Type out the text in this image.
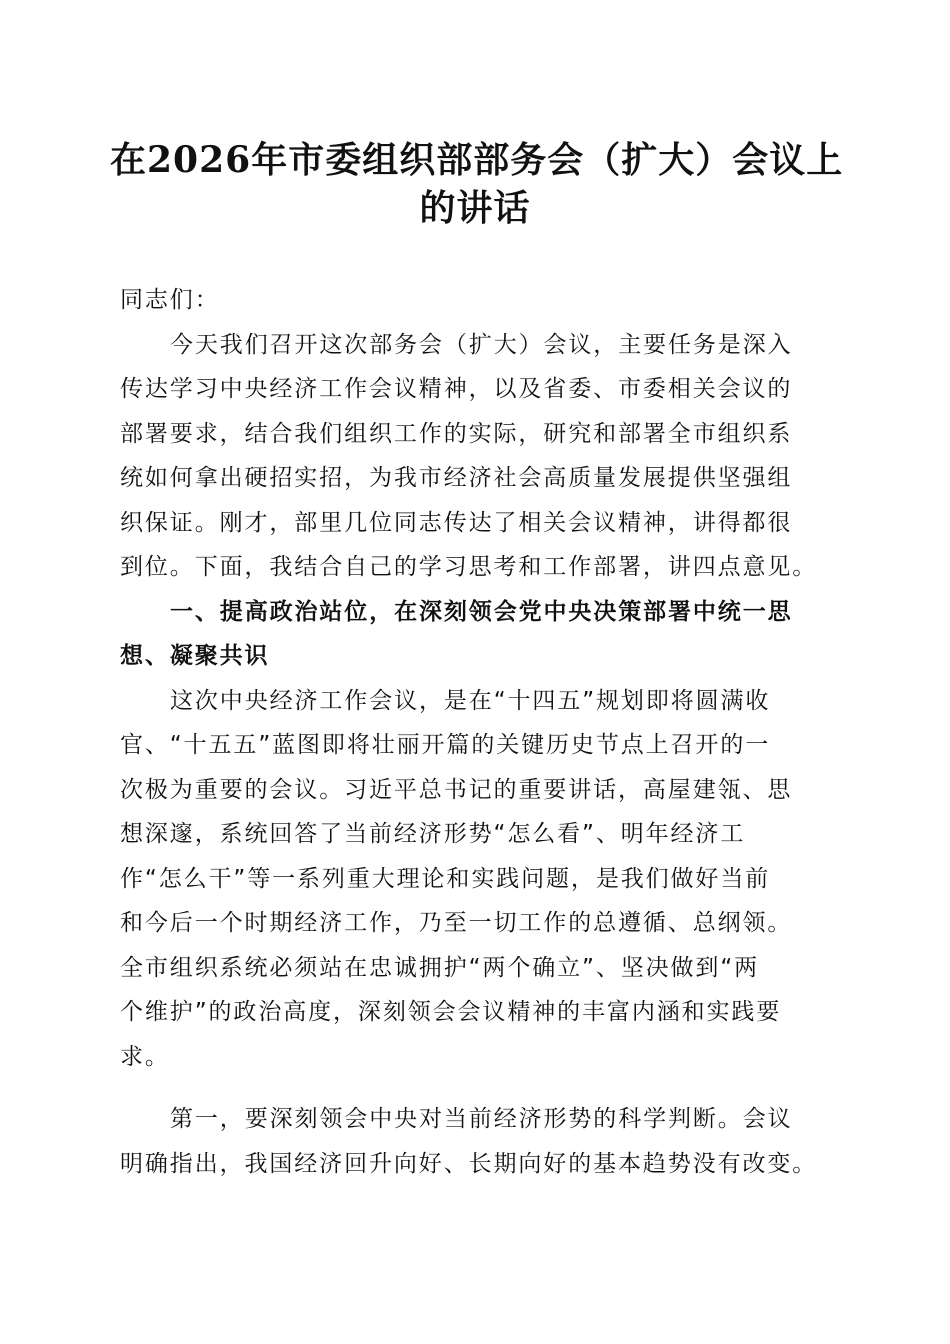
在2026年市委组织部部务会（扩大）会议上
的讲话
同志们：
今天我们召开这次部务会（扩大）会议，主要任务是深入
传达学习中央经济工作会议精神，以及省委、市委相关会议的
部署要求，结合我们组织工作的实际，研究和部署全市组织系
统如何拿出硬招实招，为我市经济社会高质量发展提供坚强组
织保证。刚才，部里几位同志传达了相关会议精神，讲得都很
到位。下面，我结合自己的学习思考和工作部署，讲四点意见。
一、提高政治站位，在深刻领会党中央决策部署中统一思
想、凝聚共识
这次中央经济工作会议，是在“十四五”规划即将圆满收
官、“十五五”蓝图即将壮丽开篇的关键历史节点上召开的一
次极为重要的会议。习近平总书记的重要讲话，高屋建瓴、思
想深邃，系统回答了当前经济形势“怎么看”、明年经济工
作“怎么干”等一系列重大理论和实践问题，是我们做好当前
和今后一个时期经济工作，乃至一切工作的总遵循、总纲领。
全市组织系统必须站在忠诚拥护“两个确立”、坚决做到“两
个维护”的政治高度，深刻领会会议精神的丰富内涵和实践要
求。
第一，要深刻领会中央对当前经济形势的科学判断。会议
明确指出，我国经济回升向好、长期向好的基本趋势没有改变。
